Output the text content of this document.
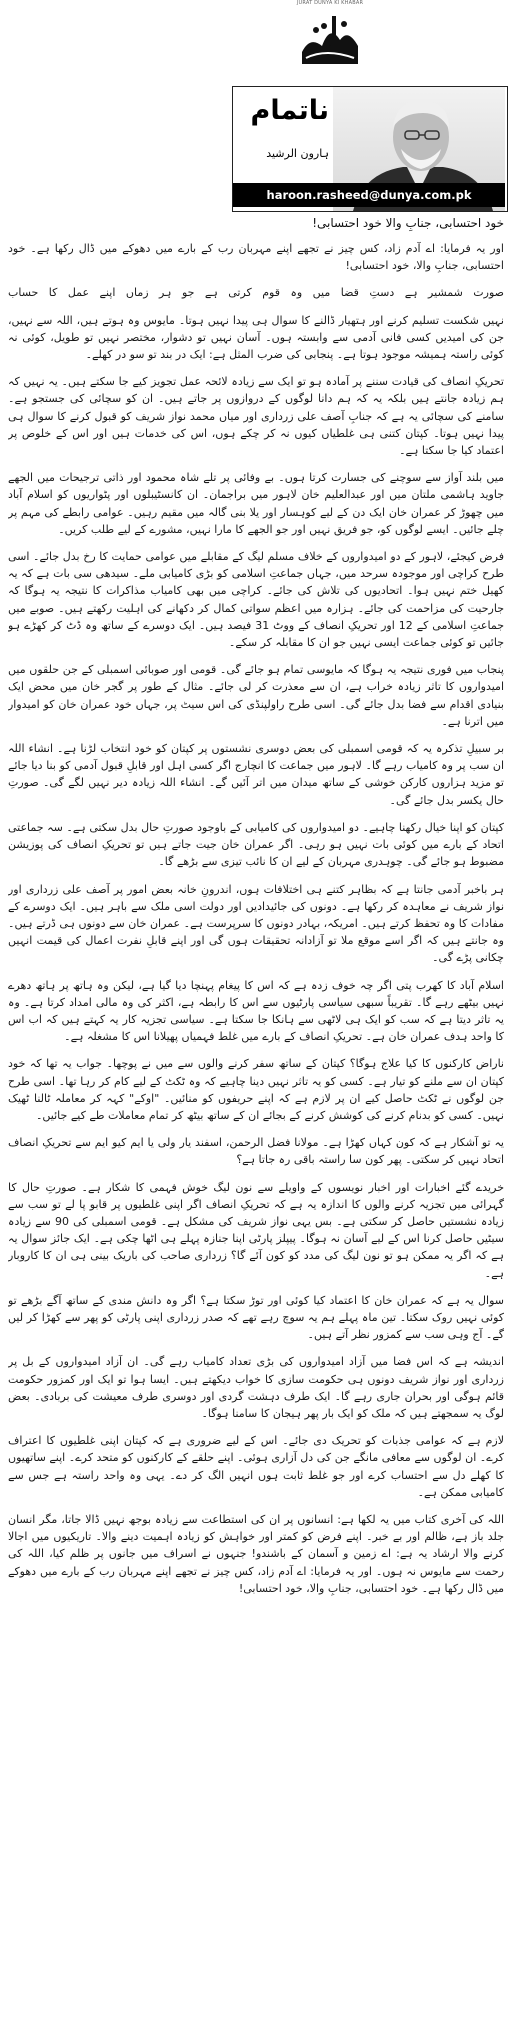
JURAT DUNYA KI KHABAR
دنیا
ناتمام
ہارون الرشید
haroon.rasheed@dunya.com.pk
خود احتسابی، جنابِ والا خود احتسابی!

اور یہ فرمایا: اے آدم زاد، کس چیز نے تجھے اپنے مہربان رب کے بارے میں دھوکے میں ڈال رکھا ہے۔ خود احتسابی، جنابِ والا، خود احتسابی!

صورت شمشیر ہے دستِ قضا میں وہ قوم کرتی ہے جو ہر زماں اپنے عمل کا حساب

نہیں شکست تسلیم کرنے اور ہتھیار ڈالنے کا سوال ہی پیدا نہیں ہوتا۔ مایوس وہ ہوتے ہیں، اللہ سے نہیں، جن کی امیدیں کسی فانی آدمی سے وابستہ ہوں۔ آسان نہیں تو دشوار، مختصر نہیں تو طویل، کوئی نہ کوئی راستہ ہمیشہ موجود ہوتا ہے۔ پنجابی کی ضرب المثل ہے: ایک در بند تو سو در کھلے۔

تحریکِ انصاف کی قیادت سننے پر آمادہ ہو تو ایک سے زیادہ لائحہ عمل تجویز کیے جا سکتے ہیں۔ یہ نہیں کہ ہم زیادہ جانتے ہیں بلکہ یہ کہ ہم دانا لوگوں کے دروازوں پر جاتے ہیں۔ ان کو سچائی کی جستجو ہے۔ سامنے کی سچائی یہ ہے کہ جنابِ آصف علی زرداری اور میاں محمد نواز شریف کو قبول کرنے کا سوال ہی پیدا نہیں ہوتا۔ کپتان کتنی ہی غلطیاں کیوں نہ کر چکے ہوں، اس کی خدمات ہیں اور اس کے خلوص پر اعتماد کیا جا سکتا ہے۔

میں بلند آواز سے سوچنے کی جسارت کرتا ہوں۔ بے وفائی پر تلے شاہ محمود اور ذاتی ترجیحات میں الجھے جاوید ہاشمی ملتان میں اور عبدالعلیم خان لاہور میں براجمان۔ ان کانسٹیبلوں اور پٹواریوں کو اسلام آباد میں چھوڑ کر عمران خان ایک دن کے لیے کوہسار اور یلا بنی گالہ میں مقیم رہیں۔ عوامی رابطے کی مہم پر چلے جائیں۔ ایسے لوگوں کو، جو فریق نہیں اور جو الجھے کا مارا نہیں، مشورے کے لیے طلب کریں۔

فرض کیجئے، لاہور کے دو امیدواروں کے خلاف مسلم لیگ کے مقابلے میں عوامی حمایت کا رخ بدل جائے۔ اسی طرح کراچی اور موجودہ سرحد میں، جہاں جماعتِ اسلامی کو بڑی کامیابی ملے۔ سیدھی سی بات ہے کہ یہ کھیل ختم نہیں ہوا۔ اتحادیوں کی تلاش کی جائے۔ کراچی میں بھی کامیاب مذاکرات کا نتیجہ یہ ہوگا کہ جارحیت کی مزاحمت کی جائے۔ ہزارہ میں اعظم سواتی کمال کر دکھانے کی اہلیت رکھتے ہیں۔ صوبے میں جماعتِ اسلامی کے 12 اور تحریکِ انصاف کے ووٹ 31 فیصد ہیں۔ ایک دوسرے کے ساتھ وہ ڈٹ کر کھڑے ہو جائیں تو کوئی جماعت ایسی نہیں جو ان کا مقابلہ کر سکے۔

پنجاب میں فوری نتیجہ یہ ہوگا کہ مایوسی تمام ہو جائے گی۔ قومی اور صوبائی اسمبلی کے جن حلقوں میں امیدواروں کا تاثر زیادہ خراب ہے، ان سے معذرت کر لی جائے۔ مثال کے طور پر گجر خان میں محض ایک بنیادی اقدام سے فضا بدل جائے گی۔ اسی طرح راولپنڈی کی اس سیٹ پر، جہاں خود عمران خان کو امیدوار میں اترنا ہے۔

بر سبیلِ تذکرہ یہ کہ قومی اسمبلی کی بعض دوسری نشستوں پر کپتان کو خود انتخاب لڑنا ہے۔ انشاء اللہ ان سب پر وہ کامیاب رہے گا۔ لاہور میں جماعت کا انچارج اگر کسی اہل اور قابلِ قبول آدمی کو بنا دیا جائے تو مزید ہزاروں کارکن خوشی کے ساتھ میدان میں اتر آئیں گے۔ انشاء اللہ زیادہ دیر نہیں لگے گی۔ صورتِ حال یکسر بدل جائے گی۔

کپتان کو اپنا خیال رکھنا چاہیے۔ دو امیدواروں کی کامیابی کے باوجود صورتِ حال بدل سکتی ہے۔ سہ جماعتی اتحاد کے بارے میں کوئی بات نہیں ہو رہی۔ اگر عمران خان جیت جاتے ہیں تو تحریکِ انصاف کی پوزیشن مضبوط ہو جائے گی۔ چوہدری مہربان کے لیے ان کا نائب تیزی سے بڑھے گا۔

ہر باخبر آدمی جانتا ہے کہ بظاہر کتنے ہی اختلافات ہوں، اندرونِ خانہ بعض امور پر آصف علی زرداری اور نواز شریف نے معاہدہ کر رکھا ہے۔ دونوں کی جائیدادیں اور دولت اسی ملک سے باہر ہیں۔ ایک دوسرے کے مفادات کا وہ تحفظ کرتے ہیں۔ امریکہ، بہادر دونوں کا سرپرست ہے۔ عمران خان سے دونوں ہی ڈرتے ہیں۔ وہ جانتے ہیں کہ اگر اسے موقع ملا تو آزادانہ تحقیقات ہوں گی اور اپنے قابلِ نفرت اعمال کی قیمت انہیں چکانی پڑے گی۔

اسلام آباد کا کھرب پتی اگر چہ خوف زدہ ہے کہ اس کا پیغام پہنچا دیا گیا ہے، لیکن وہ ہاتھ پر ہاتھ دھرے نہیں بیٹھے رہے گا۔ تقریباً سبھی سیاسی پارٹیوں سے اس کا رابطہ ہے، اکثر کی وہ مالی امداد کرتا ہے۔ وہ یہ تاثر دیتا ہے کہ سب کو ایک ہی لاٹھی سے ہانکا جا سکتا ہے۔ سیاسی تجزیہ کار یہ کہتے ہیں کہ اب اس کا واحد ہدف عمران خان ہے۔ تحریکِ انصاف کے بارے میں غلط فہمیاں پھیلانا اس کا مشغلہ ہے۔

ناراض کارکنوں کا کیا علاج ہوگا؟ کپتان کے ساتھ سفر کرنے والوں سے میں نے پوچھا۔ جواب یہ تھا کہ خود کپتان ان سے ملنے کو تیار ہے۔ کسی کو یہ تاثر نہیں دینا چاہیے کہ وہ ٹکٹ کے لیے کام کر رہا تھا۔ اسی طرح جن لوگوں نے ٹکٹ حاصل کیے ان پر لازم ہے کہ اپنے حریفوں کو منائیں۔ "اوکے" کہہ کر معاملہ ٹالنا ٹھیک نہیں۔ کسی کو بدنام کرنے کی کوشش کرنے کے بجائے ان کے ساتھ بیٹھ کر تمام معاملات طے کیے جائیں۔

یہ تو آشکار ہے کہ کون کہاں کھڑا ہے۔ مولانا فضل الرحمن، اسفند یار ولی یا ایم کیو ایم سے تحریکِ انصاف اتحاد نہیں کر سکتی۔ پھر کون سا راستہ باقی رہ جاتا ہے؟

خریدے گئے اخبارات اور اخبار نویسوں کے واویلے سے نون لیگ خوش فہمی کا شکار ہے۔ صورتِ حال کا گہرائی میں تجزیہ کرنے والوں کا اندازہ یہ ہے کہ تحریکِ انصاف اگر اپنی غلطیوں پر قابو پا لے تو سب سے زیادہ نشستیں حاصل کر سکتی ہے۔ بس یہی نواز شریف کی مشکل ہے۔ قومی اسمبلی کی 90 سے زیادہ سیٹیں حاصل کرنا اس کے لیے آسان نہ ہوگا۔ پیپلز پارٹی اپنا جنازہ پہلے ہی اٹھا چکی ہے۔ ایک جائز سوال یہ ہے کہ اگر یہ ممکن ہو تو نون لیگ کی مدد کو کون آئے گا؟ زرداری صاحب کی باریک بینی ہی ان کا کاروبار ہے۔

سوال یہ ہے کہ عمران خان کا اعتماد کیا کوئی اور توڑ سکتا ہے؟ اگر وہ دانش مندی کے ساتھ آگے بڑھے تو کوئی نہیں روک سکتا۔ تین ماہ پہلے ہم یہ سوچ رہے تھے کہ صدر زرداری اپنی پارٹی کو پھر سے کھڑا کر لیں گے۔ آج وہی سب سے کمزور نظر آتے ہیں۔

اندیشہ ہے کہ اس فضا میں آزاد امیدواروں کی بڑی تعداد کامیاب رہے گی۔ ان آزاد امیدواروں کے بل پر زرداری اور نواز شریف دونوں ہی حکومت سازی کا خواب دیکھتے ہیں۔ ایسا ہوا تو ایک اور کمزور حکومت قائم ہوگی اور بحران جاری رہے گا۔ ایک طرف دہشت گردی اور دوسری طرف معیشت کی بربادی۔ بعض لوگ یہ سمجھتے ہیں کہ ملک کو ایک بار پھر ہیجان کا سامنا ہوگا۔

لازم ہے کہ عوامی جذبات کو تحریک دی جائے۔ اس کے لیے ضروری ہے کہ کپتان اپنی غلطیوں کا اعتراف کرے۔ ان لوگوں سے معافی مانگے جن کی دل آزاری ہوئی۔ اپنے حلقے کے کارکنوں کو متحد کرے۔ اپنے ساتھیوں کا کھلے دل سے احتساب کرے اور جو غلط ثابت ہوں انہیں الگ کر دے۔ یہی وہ واحد راستہ ہے جس سے کامیابی ممکن ہے۔

اللہ کی آخری کتاب میں یہ لکھا ہے: انسانوں پر ان کی استطاعت سے زیادہ بوجھ نہیں ڈالا جاتا، مگر انسان جلد باز ہے، ظالم اور بے خبر۔ اپنے فرض کو کمتر اور خواہش کو زیادہ اہمیت دینے والا۔ تاریکیوں میں اجالا کرنے والا ارشاد یہ ہے: اے زمین و آسمان کے باشندو! جنہوں نے اسراف میں جانوں پر ظلم کیا، اللہ کی رحمت سے مایوس نہ ہوں۔ اور یہ فرمایا: اے آدم زاد، کس چیز نے تجھے اپنے مہربان رب کے بارے میں دھوکے میں ڈال رکھا ہے۔ خود احتسابی، جنابِ والا، خود احتسابی!
